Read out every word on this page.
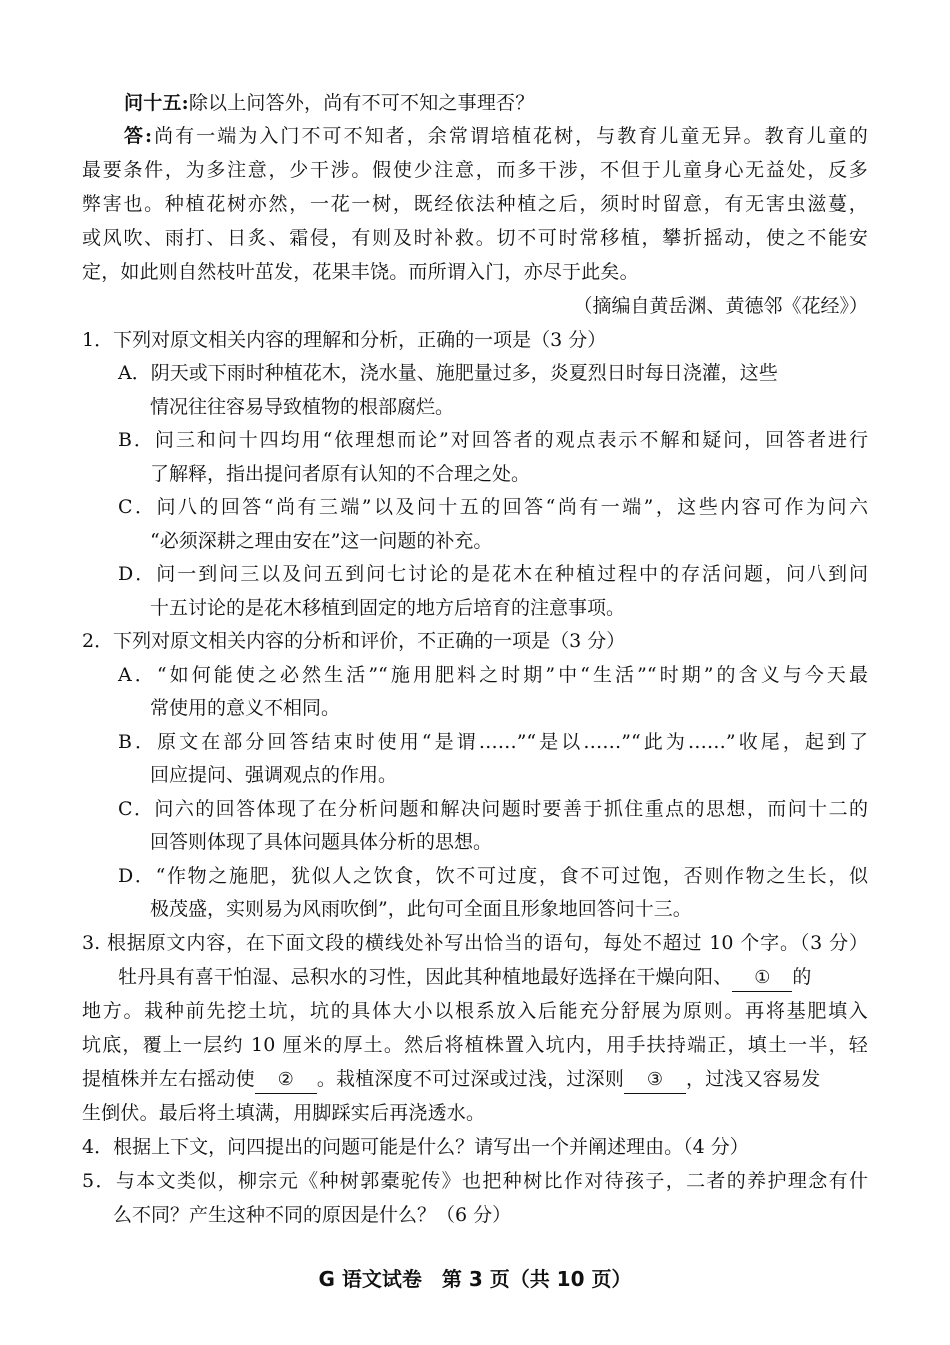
问十五:除以上问答外，尚有不可不知之事理否？
答:尚有一端为入门不可不知者，余常谓培植花树，与教育儿童无异。教育儿童的
最要条件，为多注意，少干涉。假使少注意，而多干涉，不但于儿童身心无益处，反多
弊害也。种植花树亦然，一花一树，既经依法种植之后，须时时留意，有无害虫滋蔓，
或风吹、雨打、日炙、霜侵，有则及时补救。切不可时常移植，攀折摇动，使之不能安
定，如此则自然枝叶茁发，花果丰饶。而所谓入门，亦尽于此矣。
（摘编自黄岳渊、黄德邻《花经》）
1．下列对原文相关内容的理解和分析，正确的一项是（3 分）
A．阴天或下雨时种植花木，浇水量、施肥量过多，炎夏烈日时每日浇灌，这些
情况往往容易导致植物的根部腐烂。
B．问三和问十四均用“依理想而论”对回答者的观点表示不解和疑问，回答者进行
了解释，指出提问者原有认知的不合理之处。
C．问八的回答“尚有三端”以及问十五的回答“尚有一端”，这些内容可作为问六
“必须深耕之理由安在”这一问题的补充。
D．问一到问三以及问五到问七讨论的是花木在种植过程中的存活问题，问八到问
十五讨论的是花木移植到固定的地方后培育的注意事项。
2．下列对原文相关内容的分析和评价，不正确的一项是（3 分）
A．“如何能使之必然生活”“施用肥料之时期”中“生活”“时期”的含义与今天最
常使用的意义不相同。
B．原文在部分回答结束时使用“是谓……”“是以……”“此为……”收尾，起到了
回应提问、强调观点的作用。
C．问六的回答体现了在分析问题和解决问题时要善于抓住重点的思想，而问十二的
回答则体现了具体问题具体分析的思想。
D．“作物之施肥，犹似人之饮食，饮不可过度，食不可过饱，否则作物之生长，似
极茂盛，实则易为风雨吹倒”，此句可全面且形象地回答问十三。
3. 根据原文内容，在下面文段的横线处补写出恰当的语句，每处不超过 10 个字。（3 分）
牡丹具有喜干怕湿、忌积水的习性，因此其种植地最好选择在干燥向阳、 ① 的
地方。栽种前先挖土坑，坑的具体大小以根系放入后能充分舒展为原则。再将基肥填入
坑底，覆上一层约 10 厘米的厚土。然后将植株置入坑内，用手扶持端正，填土一半，轻
提植株并左右摇动使 ② 。栽植深度不可过深或过浅，过深则 ③ ，过浅又容易发
生倒伏。最后将土填满，用脚踩实后再浇透水。
4．根据上下文，问四提出的问题可能是什么？请写出一个并阐述理由。（4 分）
5．与本文类似，柳宗元《种树郭橐驼传》也把种树比作对待孩子，二者的养护理念有什
么不同？产生这种不同的原因是什么？（6 分）
G 语文试卷　第 3 页（共 10 页）
